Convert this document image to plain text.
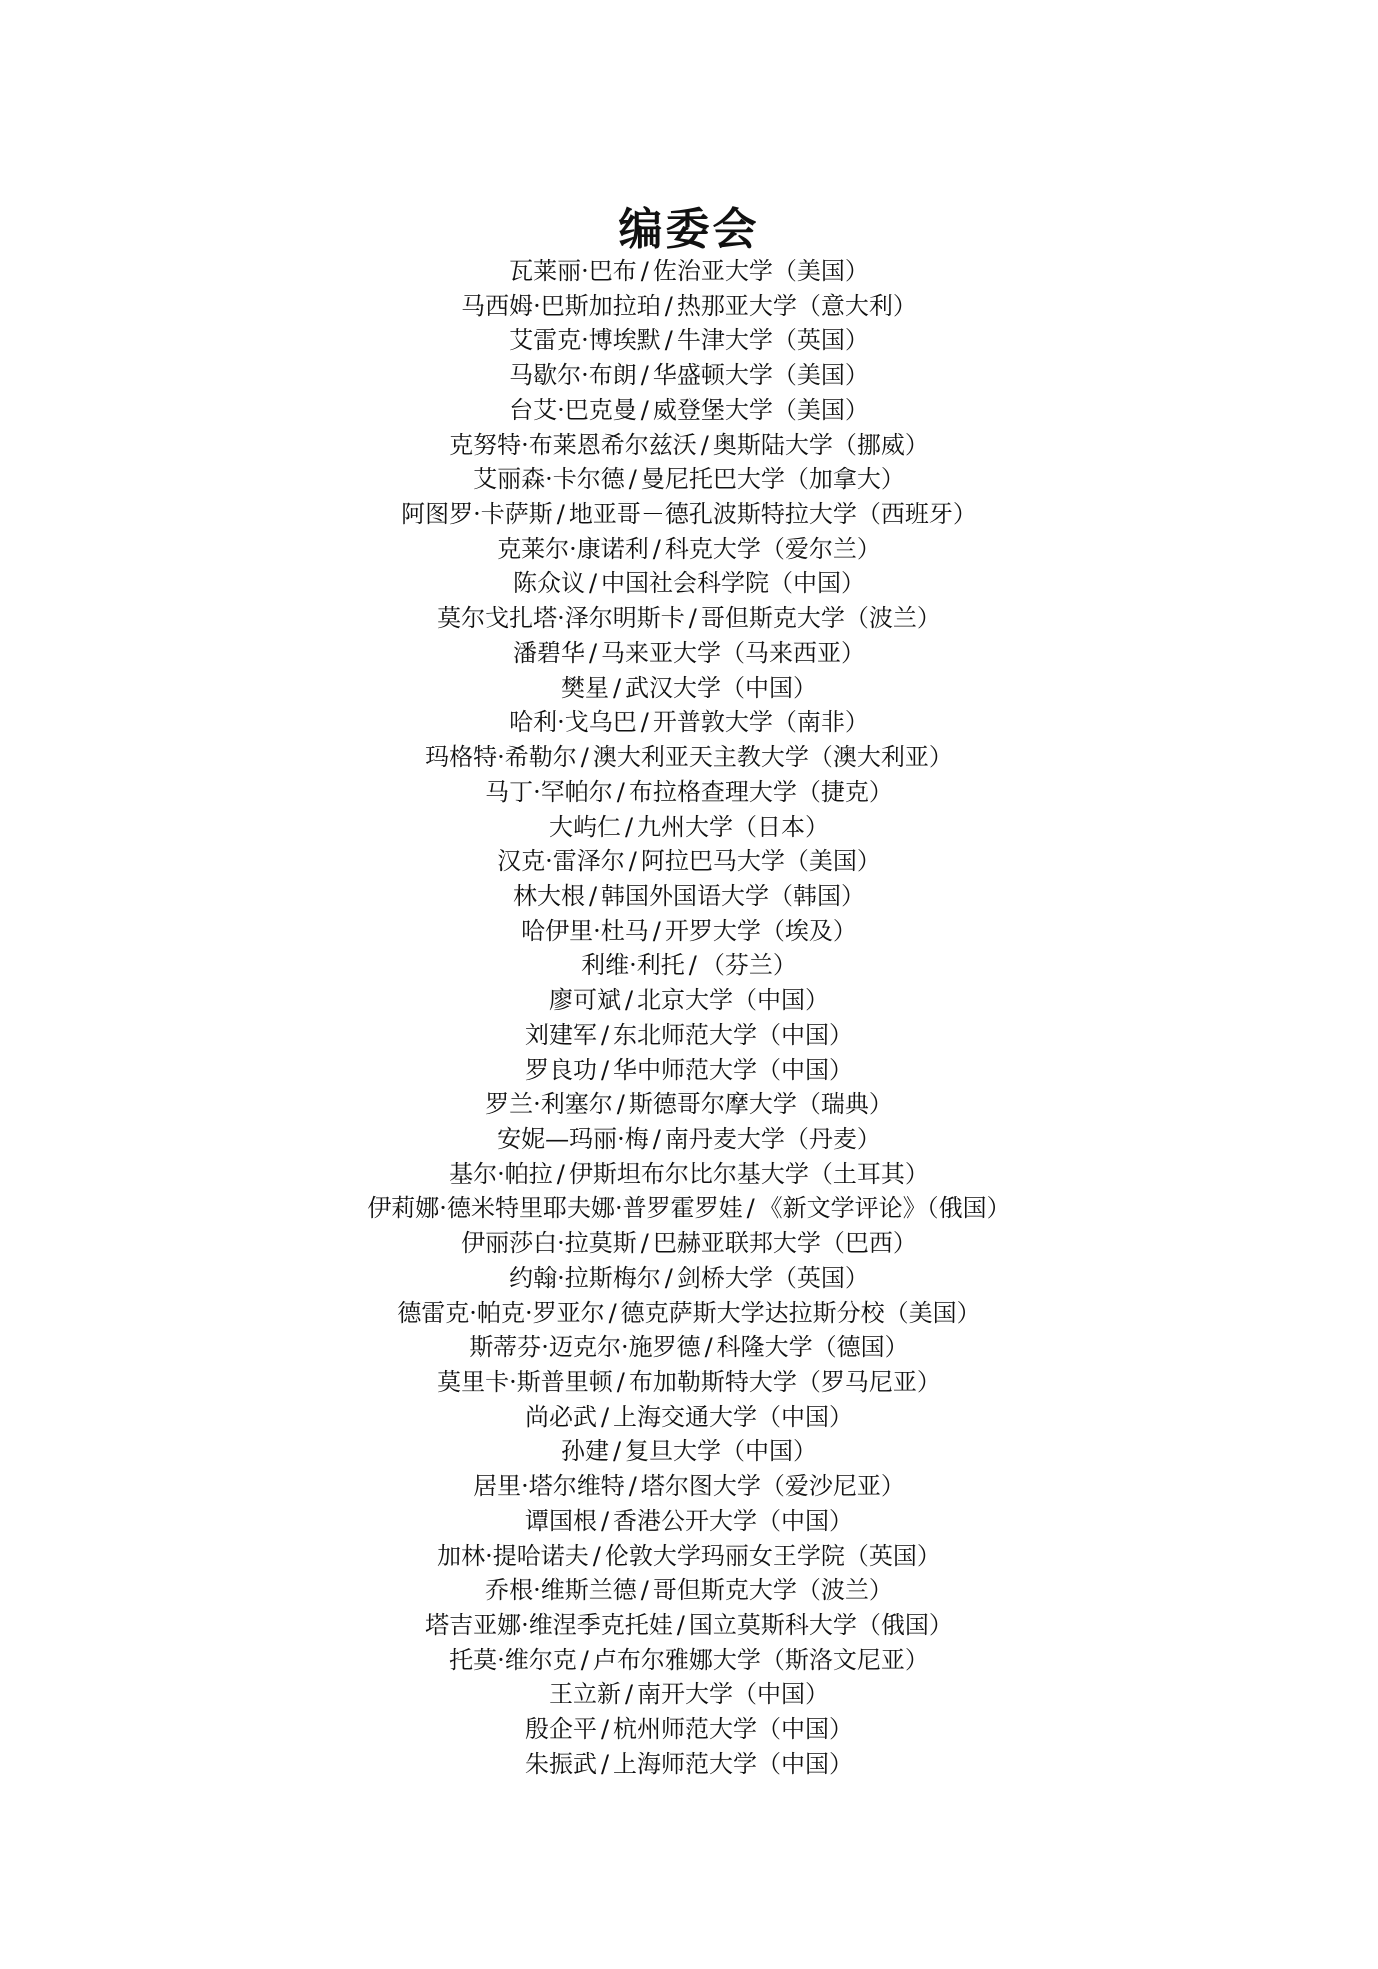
编委会
瓦莱丽·巴布 / 佐治亚大学（美国）
马西姆·巴斯加拉珀 / 热那亚大学（意大利）
艾雷克·博埃默 / 牛津大学（英国）
马歇尔·布朗 / 华盛顿大学（美国）
台艾·巴克曼 / 威登堡大学（美国）
克努特·布莱恩希尔兹沃 / 奥斯陆大学（挪威）
艾丽森·卡尔德 / 曼尼托巴大学（加拿大）
阿图罗·卡萨斯 / 地亚哥－德孔波斯特拉大学（西班牙）
克莱尔·康诺利 / 科克大学（爱尔兰）
陈众议 / 中国社会科学院（中国）
莫尔戈扎塔·泽尔明斯卡 / 哥但斯克大学（波兰）
潘碧华 / 马来亚大学（马来西亚）
樊星 / 武汉大学（中国）
哈利·戈乌巴 / 开普敦大学（南非）
玛格特·希勒尔 / 澳大利亚天主教大学（澳大利亚）
马丁·罕帕尔 / 布拉格查理大学（捷克）
大屿仁 / 九州大学（日本）
汉克·雷泽尔 / 阿拉巴马大学（美国）
林大根 / 韩国外国语大学（韩国）
哈伊里·杜马 / 开罗大学（埃及）
利维·利托 / （芬兰）
廖可斌 / 北京大学（中国）
刘建军 / 东北师范大学（中国）
罗良功 / 华中师范大学（中国）
罗兰·利塞尔 / 斯德哥尔摩大学（瑞典）
安妮—玛丽·梅 / 南丹麦大学（丹麦）
基尔·帕拉 / 伊斯坦布尔比尔基大学（土耳其）
伊莉娜·德米特里耶夫娜·普罗霍罗娃 / 《新文学评论》（俄国）
伊丽莎白·拉莫斯 / 巴赫亚联邦大学（巴西）
约翰·拉斯梅尔 / 剑桥大学（英国）
德雷克·帕克·罗亚尔 / 德克萨斯大学达拉斯分校（美国）
斯蒂芬·迈克尔·施罗德 / 科隆大学（德国）
莫里卡·斯普里顿 / 布加勒斯特大学（罗马尼亚）
尚必武 / 上海交通大学（中国）
孙建 / 复旦大学（中国）
居里·塔尔维特 / 塔尔图大学（爱沙尼亚）
谭国根 / 香港公开大学（中国）
加林·提哈诺夫 / 伦敦大学玛丽女王学院（英国）
乔根·维斯兰德 / 哥但斯克大学（波兰）
塔吉亚娜·维涅季克托娃 / 国立莫斯科大学（俄国）
托莫·维尔克 / 卢布尔雅娜大学（斯洛文尼亚）
王立新 / 南开大学（中国）
殷企平 / 杭州师范大学（中国）
朱振武 / 上海师范大学（中国）
